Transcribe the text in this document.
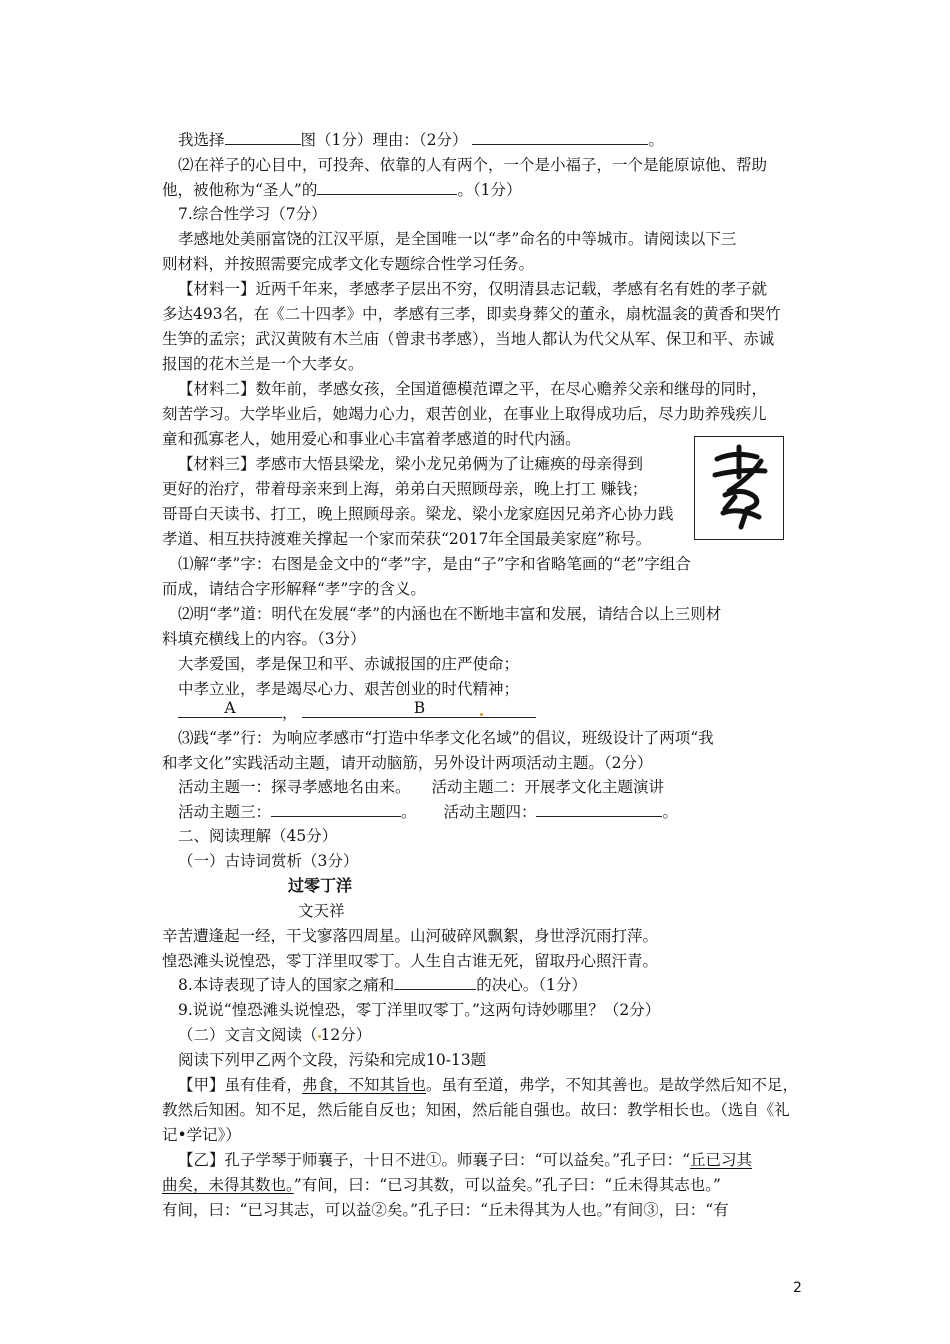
我选择	图（1分）理由：（2分）	。
⑵在祥子的心目中，可投奔、依靠的人有两个，一个是小福子，一个是能原谅他、帮助
他，被他称为“圣人”的	。（1分）
7.综合性学习（7分）
孝感地处美丽富饶的江汉平原，是全国唯一以“孝”命名的中等城市。请阅读以下三
则材料，并按照需要完成孝文化专题综合性学习任务。
【材料一】近两千年来，孝感孝子层出不穷，仅明清县志记载，孝感有名有姓的孝子就
多达493名，在《二十四孝》中，孝感有三孝，即卖身葬父的董永，扇枕温衾的黄香和哭竹
生笋的孟宗；武汉黄陂有木兰庙（曾隶书孝感），当地人都认为代父从军、保卫和平、赤诚
报国的花木兰是一个大孝女。
【材料二】数年前，孝感女孩，全国道德模范谭之平，在尽心赡养父亲和继母的同时，
刻苦学习。大学毕业后，她竭力心力，艰苦创业，在事业上取得成功后，尽力助养残疾儿
童和孤寡老人，她用爱心和事业心丰富着孝感道的时代内涵。
【材料三】孝感市大悟县梁龙，梁小龙兄弟俩为了让瘫痪的母亲得到
更好的治疗，带着母亲来到上海，弟弟白天照顾母亲，晚上打工 赚钱；
哥哥白天读书、打工，晚上照顾母亲。梁龙、梁小龙家庭因兄弟齐心协力践
孝道、相互扶持渡难关撑起一个家而荣获“2017年全国最美家庭”称号。
⑴解“孝”字：右图是金文中的“孝”字，是由“子”字和省略笔画的“老”字组合
而成，请结合字形解释“孝”字的含义。
⑵明“孝”道：明代在发展“孝”的内涵也在不断地丰富和发展，请结合以上三则材
料填充横线上的内容。（3分）
大孝爱国，孝是保卫和平、赤诚报国的庄严使命；
中孝立业，孝是竭尽心力、艰苦创业的时代精神；
A	，	B
⑶践“孝”行：为响应孝感市“打造中华孝文化名域”的倡议，班级设计了两项“我
和孝文化”实践活动主题，请开动脑筋，另外设计两项活动主题。（2分）
活动主题一：探寻孝感地名由来。 活动主题二：开展孝文化主题演讲
活动主题三：	。 活动主题四：	。
二、阅读理解（45分）
（一）古诗词赏析（3分）
过零丁洋
文天祥
辛苦遭逢起一经，干戈寥落四周星。山河破碎风飘絮，身世浮沉雨打萍。
惶恐滩头说惶恐，零丁洋里叹零丁。人生自古谁无死，留取丹心照汗青。
8.本诗表现了诗人的国家之痛和	的决心。（1分）
9.说说“惶恐滩头说惶恐，零丁洋里叹零丁。”这两句诗妙哪里？（2分）
（二）文言文阅读（ 12分）
阅读下列甲乙两个文段，污染和完成10-13题
【甲】虽有佳肴，弗食，不知其旨也。虽有至道，弗学，不知其善也。是故学然后知不足，
教然后知困。知不足，然后能自反也；知困，然后能自强也。故曰：教学相长也。（选自《礼
记•学记》）
【乙】孔子学琴于师襄子，十日不进①。师襄子曰：“可以益矣。”孔子曰：“丘已习其
曲矣，未得其数也。”有间，曰：“已习其数，可以益矣。”孔子曰：“丘未得其志也。”
有间，曰：“已习其志，可以益②矣。”孔子曰：“丘未得其为人也。”有间③，曰：“有
2
